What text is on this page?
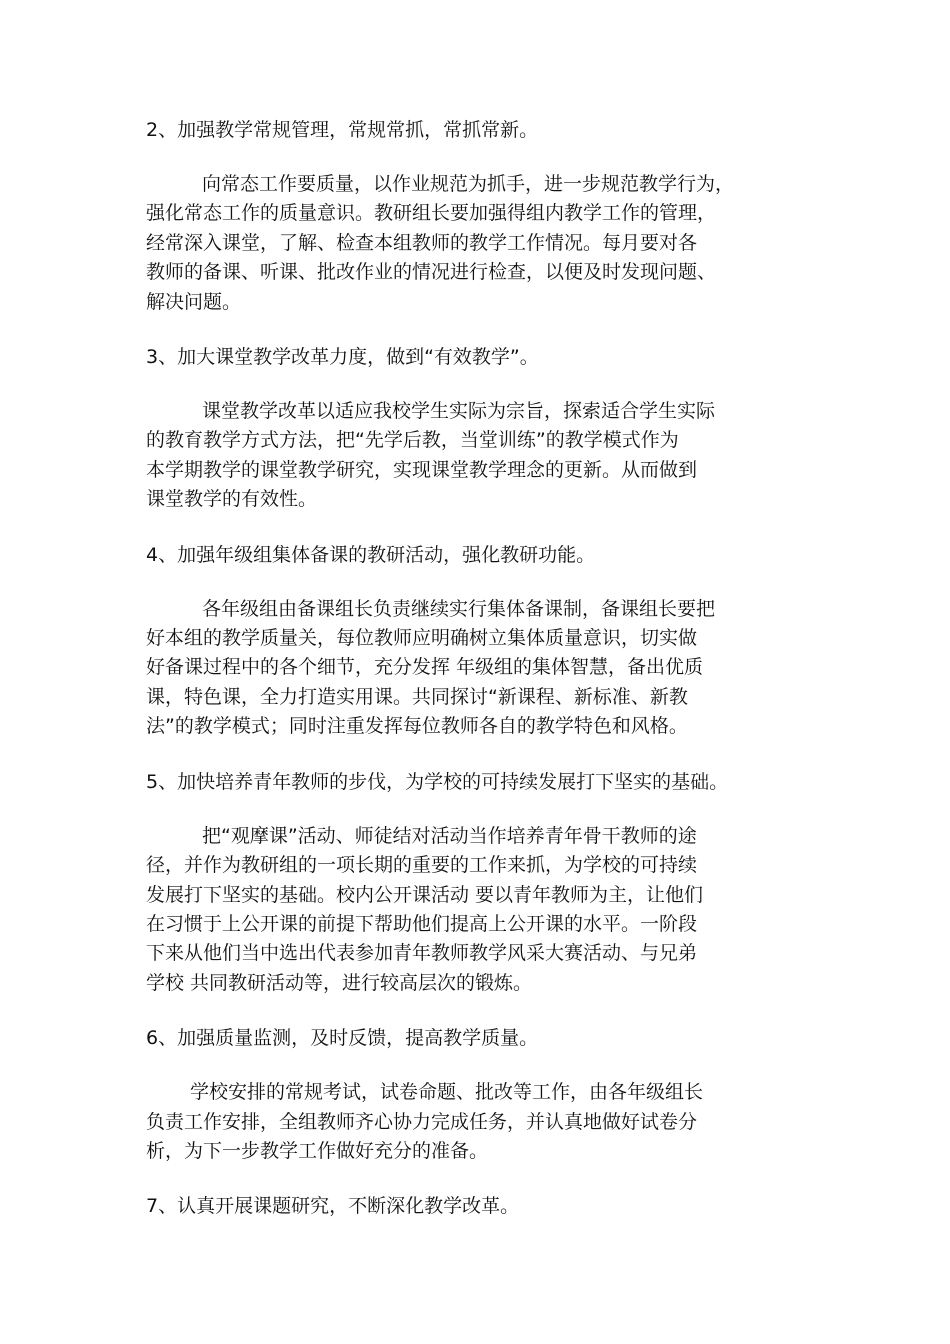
2、加强教学常规管理，常规常抓，常抓常新。
向常态工作要质量，以作业规范为抓手，进一步规范教学行为，
强化常态工作的质量意识。教研组长要加强得组内教学工作的管理，
经常深入课堂，了解、检查本组教师的教学工作情况。每月要对各
教师的备课、听课、批改作业的情况进行检查，以便及时发现问题、
解决问题。
3、加大课堂教学改革力度，做到“有效教学”。
课堂教学改革以适应我校学生实际为宗旨，探索适合学生实际
的教育教学方式方法，把“先学后教，当堂训练”的教学模式作为
本学期教学的课堂教学研究，实现课堂教学理念的更新。从而做到
课堂教学的有效性。
4、加强年级组集体备课的教研活动，强化教研功能。
各年级组由备课组长负责继续实行集体备课制，备课组长要把
好本组的教学质量关，每位教师应明确树立集体质量意识，切实做
好备课过程中的各个细节，充分发挥 年级组的集体智慧，备出优质
课，特色课，全力打造实用课。共同探讨“新课程、新标准、新教
法”的教学模式；同时注重发挥每位教师各自的教学特色和风格。
5、加快培养青年教师的步伐，为学校的可持续发展打下坚实的基础。
把“观摩课”活动、师徒结对活动当作培养青年骨干教师的途
径，并作为教研组的一项长期的重要的工作来抓，为学校的可持续
发展打下坚实的基础。校内公开课活动 要以青年教师为主，让他们
在习惯于上公开课的前提下帮助他们提高上公开课的水平。一阶段
下来从他们当中选出代表参加青年教师教学风采大赛活动、与兄弟
学校 共同教研活动等，进行较高层次的锻炼。
6、加强质量监测，及时反馈，提高教学质量。
学校安排的常规考试，试卷命题、批改等工作，由各年级组长
负责工作安排，全组教师齐心协力完成任务，并认真地做好试卷分
析，为下一步教学工作做好充分的准备。
7、认真开展课题研究，不断深化教学改革。
